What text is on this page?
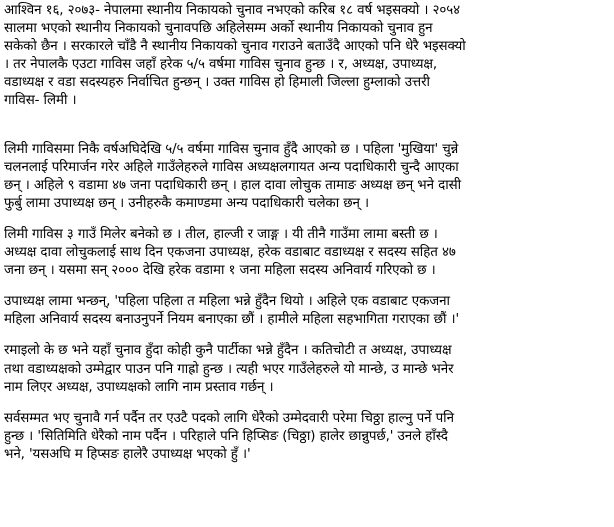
आश्विन १६, २०७३- नेपालमा स्थानीय निकायको चुनाव नभएको करिब १८ वर्ष भइसक्यो । २०५४
सालमा भएको स्थानीय निकायको चुनावपछि अहिलेसम्म अर्को स्थानीय निकायको चुनाव हुन
सकेको छैन । सरकारले चाँडै नै स्थानीय निकायको चुनाव गराउने बताउँदै आएको पनि धेरै भइसक्यो
। तर नेपालकै एउटा गाविस जहाँ हरेक ५/५ वर्षमा गाविस चुनाव हुन्छ । र, अध्यक्ष, उपाध्यक्ष,
वडाध्यक्ष र वडा सदस्यहरु निर्वाचित हुन्छन् । उक्त गाविस हो हिमाली जिल्ला हुम्लाको उत्तरी
गाविस- लिमी ।
लिमी गाविसमा निकै वर्षअघिदेखि ५/५ वर्षमा गाविस चुनाव हुँदै आएको छ । पहिला 'मुखिया' चुन्ने
चलनलाई परिमार्जन गरेर अहिले गाउँलेहरुले गाविस अध्यक्षलगायत अन्य पदाधिकारी चुन्दै आएका
छन् । अहिले ९ वडामा ४७ जना पदाधिकारी छन् । हाल दावा लोचुक तामाङ अध्यक्ष छन् भने दासी
फुर्बु लामा उपाध्यक्ष छन् । उनीहरुकै कमाण्डमा अन्य पदाधिकारी चलेका छन् ।
लिमी गाविस ३ गाउँ मिलेर बनेको छ । तील, हाल्जी र जाङ्ग । यी तीनै गाउँमा लामा बस्ती छ ।
अध्यक्ष दावा लोचुकलाई साथ दिन एकजना उपाध्यक्ष, हरेक वडाबाट वडाध्यक्ष र सदस्य सहित ४७
जना छन् । यसमा सन् २००० देखि हरेक वडामा १ जना महिला सदस्य अनिवार्य गरिएको छ ।
उपाध्यक्ष लामा भन्छन्, 'पहिला पहिला त महिला भन्ने हुँदैन थियो । अहिले एक वडाबाट एकजना
महिला अनिवार्य सदस्य बनाउनुपर्ने नियम बनाएका छौं । हामीले महिला सहभागिता गराएका छौं ।'
रमाइलो के छ भने यहाँ चुनाव हुँदा कोही कुनै पार्टीका भन्ने हुँदैन । कतिचोटी त अध्यक्ष, उपाध्यक्ष
तथा वडाध्यक्षको उम्मेद्वार पाउन पनि गाह्रो हुन्छ । त्यही भएर गाउँलेहरुले यो मान्छे, उ मान्छे भनेर
नाम लिएर अध्यक्ष, उपाध्यक्षको लागि नाम प्रस्ताव गर्छन् ।
सर्वसम्मत भए चुनावै गर्न पर्दैन तर एउटै पदको लागि धेरैको उम्मेदवारी परेमा चिठ्ठा हाल्नु पर्ने पनि
हुन्छ । 'सितिमिति धेरैको नाम पर्दैन । परिहाले पनि हिप्सिङ (चिठ्ठा) हालेर छान्नुपर्छ,' उनले हाँस्दै
भने, 'यसअघि म हिप्सङ हालेरै उपाध्यक्ष भएको हुँ ।'
